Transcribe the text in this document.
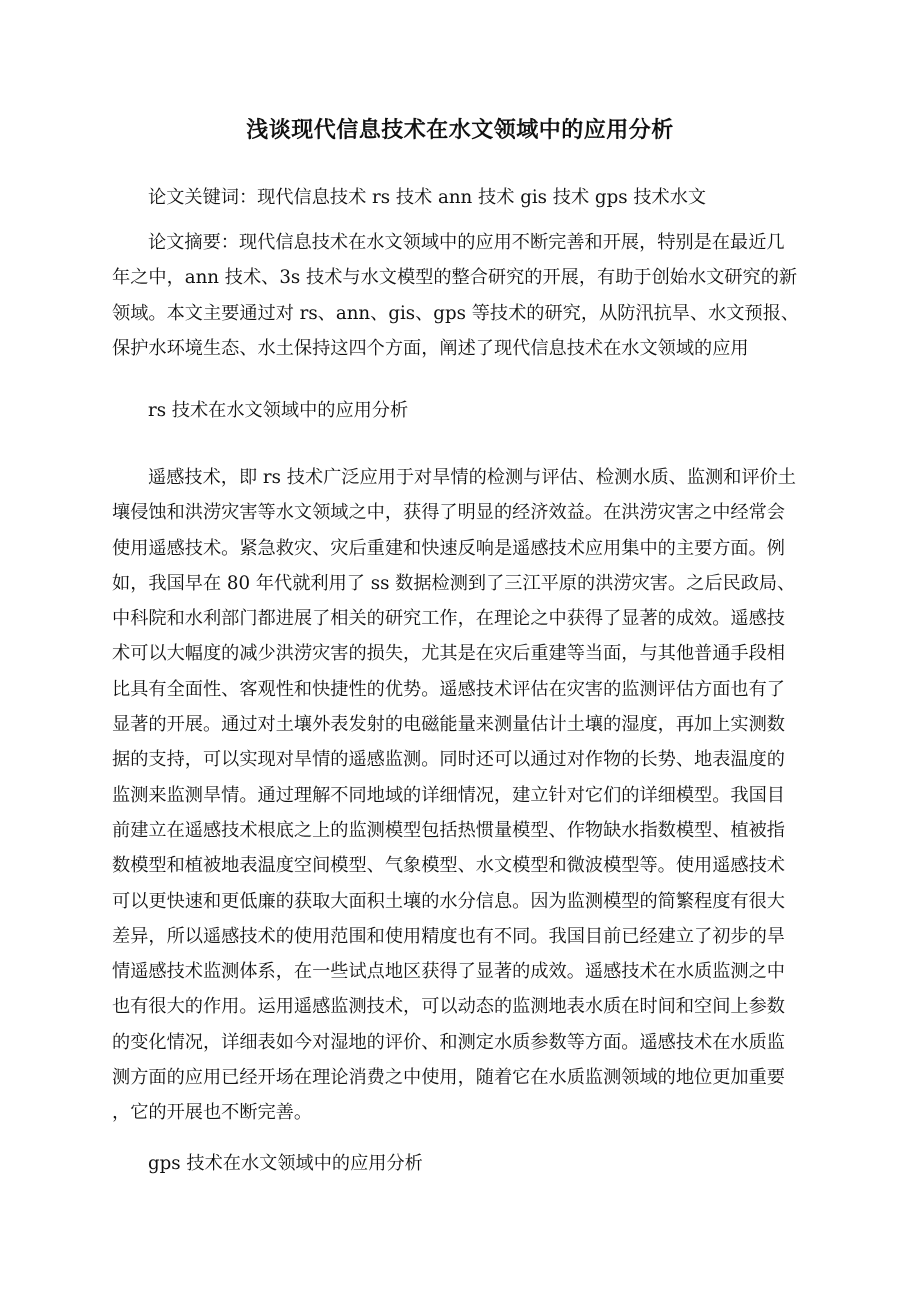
浅谈现代信息技术在水文领域中的应用分析
论文关键词：现代信息技术 rs 技术 ann 技术 gis 技术 gps 技术水文
论文摘要：现代信息技术在水文领域中的应用不断完善和开展，特别是在最近几
年之中，ann 技术、3s 技术与水文模型的整合研究的开展，有助于创始水文研究的新
领域。本文主要通过对 rs、ann、gis、gps 等技术的研究，从防汛抗旱、水文预报、
保护水环境生态、水土保持这四个方面，阐述了现代信息技术在水文领域的应用
rs 技术在水文领域中的应用分析
遥感技术，即 rs 技术广泛应用于对旱情的检测与评估、检测水质、监测和评价土
壤侵蚀和洪涝灾害等水文领域之中，获得了明显的经济效益。在洪涝灾害之中经常会
使用遥感技术。紧急救灾、灾后重建和快速反响是遥感技术应用集中的主要方面。例
如，我国早在 80 年代就利用了 ss 数据检测到了三江平原的洪涝灾害。之后民政局、
中科院和水利部门都进展了相关的研究工作，在理论之中获得了显著的成效。遥感技
术可以大幅度的减少洪涝灾害的损失，尤其是在灾后重建等当面，与其他普通手段相
比具有全面性、客观性和快捷性的优势。遥感技术评估在灾害的监测评估方面也有了
显著的开展。通过对土壤外表发射的电磁能量来测量估计土壤的湿度，再加上实测数
据的支持，可以实现对旱情的遥感监测。同时还可以通过对作物的长势、地表温度的
监测来监测旱情。通过理解不同地域的详细情况，建立针对它们的详细模型。我国目
前建立在遥感技术根底之上的监测模型包括热惯量模型、作物缺水指数模型、植被指
数模型和植被地表温度空间模型、气象模型、水文模型和微波模型等。使用遥感技术
可以更快速和更低廉的获取大面积土壤的水分信息。因为监测模型的简繁程度有很大
差异，所以遥感技术的使用范围和使用精度也有不同。我国目前已经建立了初步的旱
情遥感技术监测体系，在一些试点地区获得了显著的成效。遥感技术在水质监测之中
也有很大的作用。运用遥感监测技术，可以动态的监测地表水质在时间和空间上参数
的变化情况，详细表如今对湿地的评价、和测定水质参数等方面。遥感技术在水质监
测方面的应用已经开场在理论消费之中使用，随着它在水质监测领域的地位更加重要
，它的开展也不断完善。
gps 技术在水文领域中的应用分析
